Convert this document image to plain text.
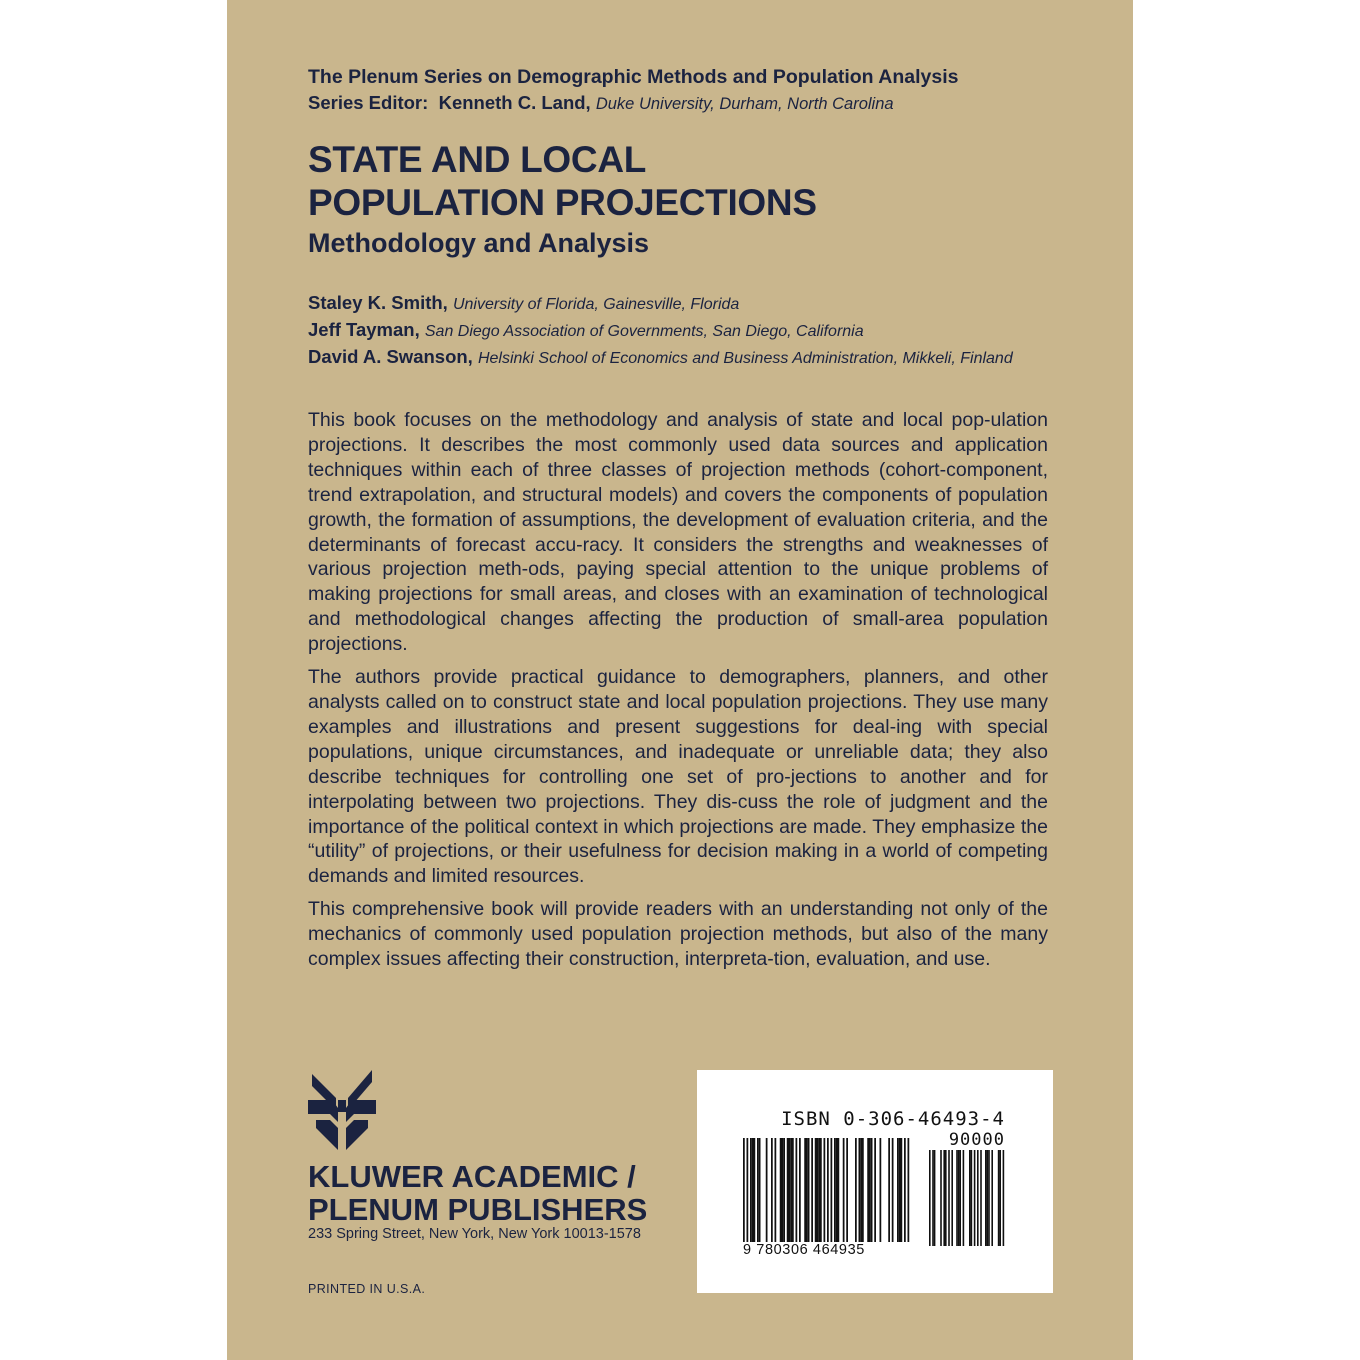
The Plenum Series on Demographic Methods and Population Analysis
Series Editor: Kenneth C. Land, Duke University, Durham, North Carolina
STATE AND LOCAL
POPULATION PROJECTIONS
Methodology and Analysis
Staley K. Smith, University of Florida, Gainesville, Florida
Jeff Tayman, San Diego Association of Governments, San Diego, California
David A. Swanson, Helsinki School of Economics and Business Administration, Mikkeli, Finland

This book focuses on the methodology and analysis of state and local pop-ulation projections. It describes the most commonly used data sources and application techniques within each of three classes of projection methods (cohort-component, trend extrapolation, and structural models) and covers the components of population growth, the formation of assumptions, the development of evaluation criteria, and the determinants of forecast accu-racy. It considers the strengths and weaknesses of various projection meth-ods, paying special attention to the unique problems of making projections for small areas, and closes with an examination of technological and methodological changes affecting the production of small-area population projections.

The authors provide practical guidance to demographers, planners, and other analysts called on to construct state and local population projections. They use many examples and illustrations and present suggestions for deal-ing with special populations, unique circumstances, and inadequate or unreliable data; they also describe techniques for controlling one set of pro-jections to another and for interpolating between two projections. They dis-cuss the role of judgment and the importance of the political context in which projections are made. They emphasize the “utility” of projections, or their usefulness for decision making in a world of competing demands and limited resources.

This comprehensive book will provide readers with an understanding not only of the mechanics of commonly used population projection methods, but also of the many complex issues affecting their construction, interpreta-tion, evaluation, and use.

KLUWER ACADEMIC /
PLENUM PUBLISHERS
233 Spring Street, New York, New York 10013-1578
PRINTED IN U.S.A.
ISBN 0-306-46493-4
90000
9 780306 464935
